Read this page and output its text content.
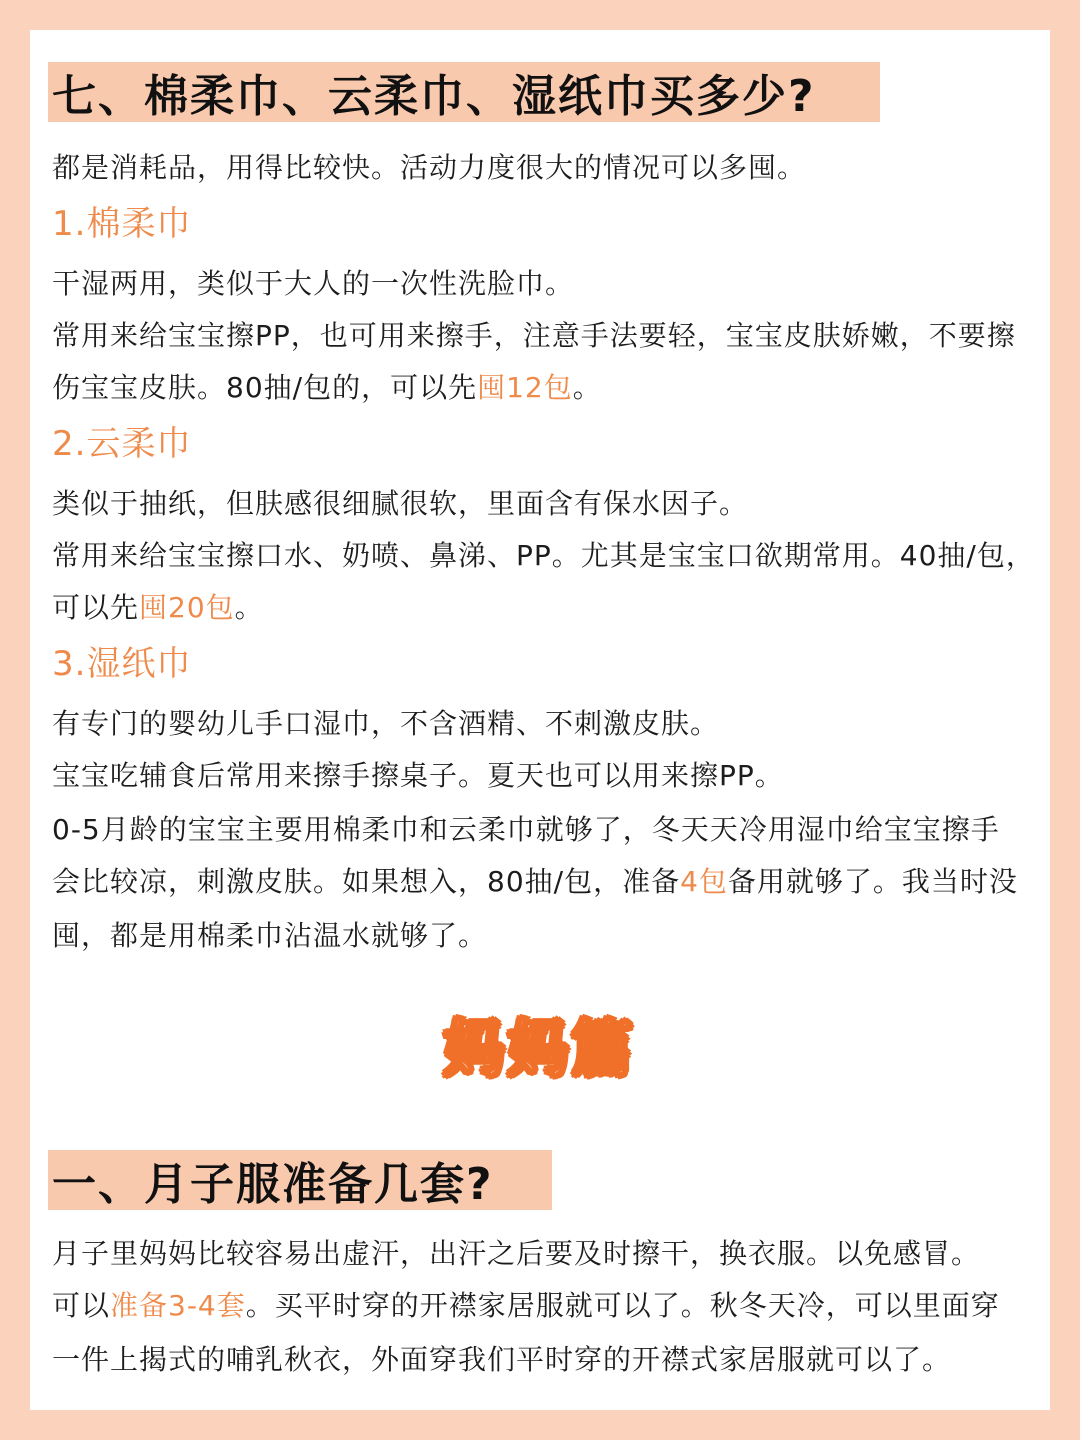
七、棉柔巾、云柔巾、湿纸巾买多少?
都是消耗品，用得比较快。活动力度很大的情况可以多囤。
1.棉柔巾
干湿两用，类似于大人的一次性洗脸巾。
常用来给宝宝擦PP，也可用来擦手，注意手法要轻，宝宝皮肤娇嫩，不要擦
伤宝宝皮肤。80抽/包的，可以先囤12包。
2.云柔巾
类似于抽纸，但肤感很细腻很软，里面含有保水因子。
常用来给宝宝擦口水、奶喷、鼻涕、PP。尤其是宝宝口欲期常用。40抽/包，
可以先囤20包。
3.湿纸巾
有专门的婴幼儿手口湿巾，不含酒精、不刺激皮肤。
宝宝吃辅食后常用来擦手擦桌子。夏天也可以用来擦PP。
0-5月龄的宝宝主要用棉柔巾和云柔巾就够了，冬天天冷用湿巾给宝宝擦手
会比较凉，刺激皮肤。如果想入，80抽/包，准备4包备用就够了。我当时没
囤，都是用棉柔巾沾温水就够了。
妈妈篇
一、月子服准备几套?
月子里妈妈比较容易出虚汗，出汗之后要及时擦干，换衣服。以免感冒。
可以准备3-4套。买平时穿的开襟家居服就可以了。秋冬天冷，可以里面穿
一件上揭式的哺乳秋衣，外面穿我们平时穿的开襟式家居服就可以了。
